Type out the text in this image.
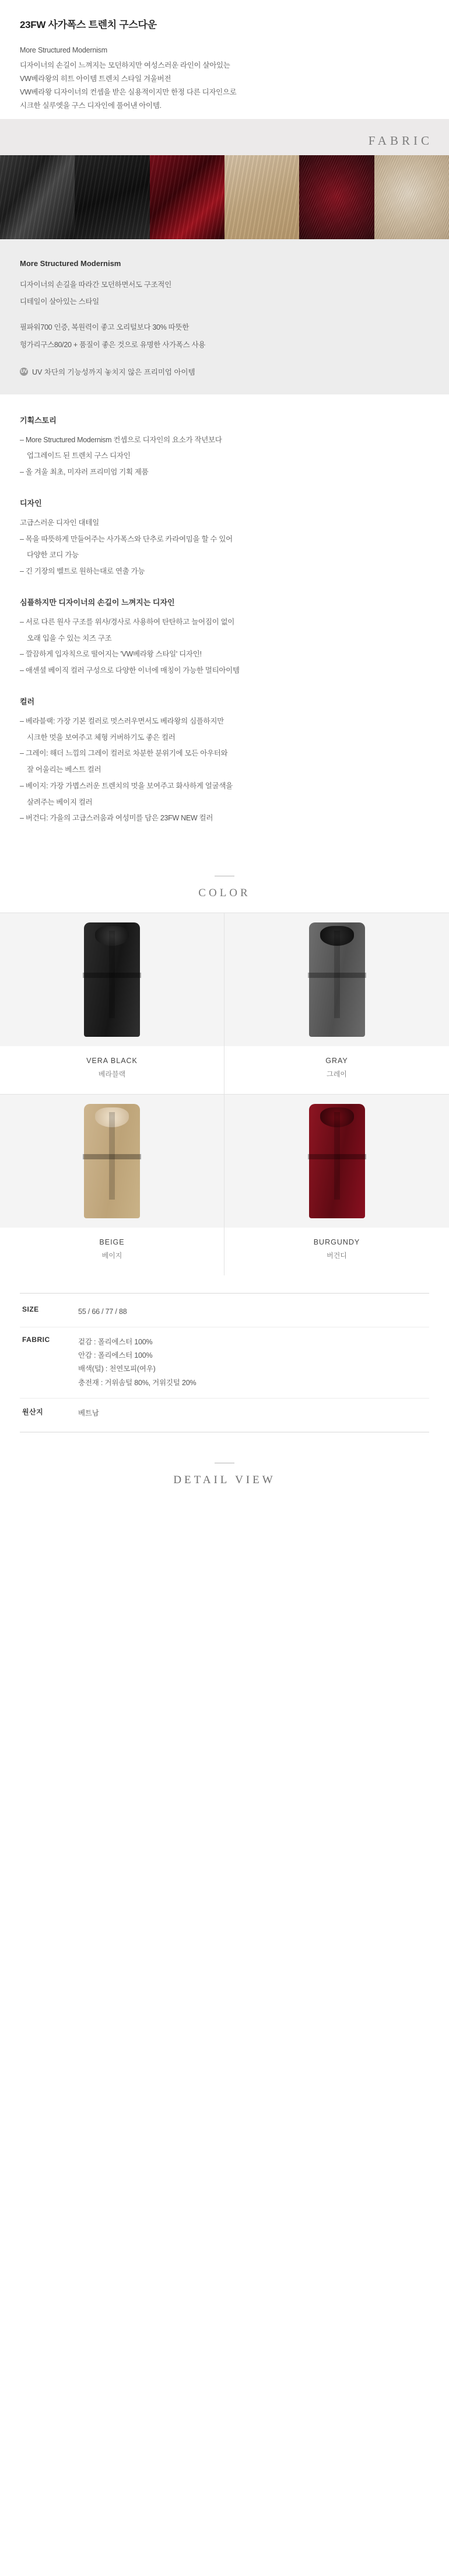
23FW 사가폭스 트렌치 구스다운
More Structured Modernism
디자이너의 손길이 느껴지는 모던하지만 여성스러운 라인이 살아있는
VW베라왕의 히트 아이템 트렌치 스타일 겨울버전
VW베라왕 디자이너의 컨셉을 받은 실용적이지만 한정 다른 디자인으로
시크한 실루엣을 구스 디자인에 풀어낸 아이템.
FABRIC
More Structured Modernism

디자이너의 손길을 따라간 모던하면서도 구조적인

디테일이 살아있는 스타일

필파워700 인증, 복원력이 좋고 오리털보다 30% 따뜻한

헝가리구스80/20 + 품질이 좋은 것으로 유명한 사가폭스 사용

UV UV 차단의 기능성까지 놓치지 않은 프리미엄 아이템
기획스토리
– More Structured Modernism 컨셉으로 디자인의 요소가 작년보다
업그레이드 된 트렌치 구스 디자인
– 올 겨울 최초, 미쟈러 프리미엄 기획 제품
디자인
고급스러운 디자인 대테일
– 목을 따뜻하게 만들어주는 사가폭스와 단추로 카라여밈을 할 수 있어
다양한 코디 가능
– 긴 기장의 벨트로 원하는대로 연출 가능
심플하지만 디자이너의 손길이 느껴지는 디자인
– 서로 다른 원사 구조를 위사/경사로 사용하여 탄탄하고 늘어짐이 없이
오래 입을 수 있는 치즈 구조
– 깔끔하게 입자칙으로 떨어지는 'VW베라왕 스타일' 디자인!
– 애센셜 베이직 컬러 구성으로 다양한 이너에 매칭이 가능한 멀티아이템
컬러
– 베라블랙: 가장 기본 컬러로 멋스러우면서도 베라왕의 심플하지만
시크한 멋을 보여주고 체형 커버하기도 좋은 컬러
– 그레이: 해더 느낌의 그레이 컬러로 차분한 분위기에 모든 아우터와
잘 어울리는 베스트 컬러
– 베이지: 가장 가볍스러운 트렌치의 멋을 보여주고 화사하게 얼굴색을
살려주는 베이지 컬러
– 버건디: 가을의 고급스러움과 여성미를 담은 23FW NEW 컬러
COLOR
VERA BLACK
베라블랙
GRAY
그레이
BEIGE
베이지
BURGUNDY
버건디
SIZE	55 / 66 / 77 / 88
FABRIC	겉감 : 폴리에스터 100%
안감 : 폴리에스터 100%
배색(털) : 천연모피(여우)
충전재 : 거위솜털 80%, 거위깃털 20%
원산지	베트남
DETAIL VIEW
